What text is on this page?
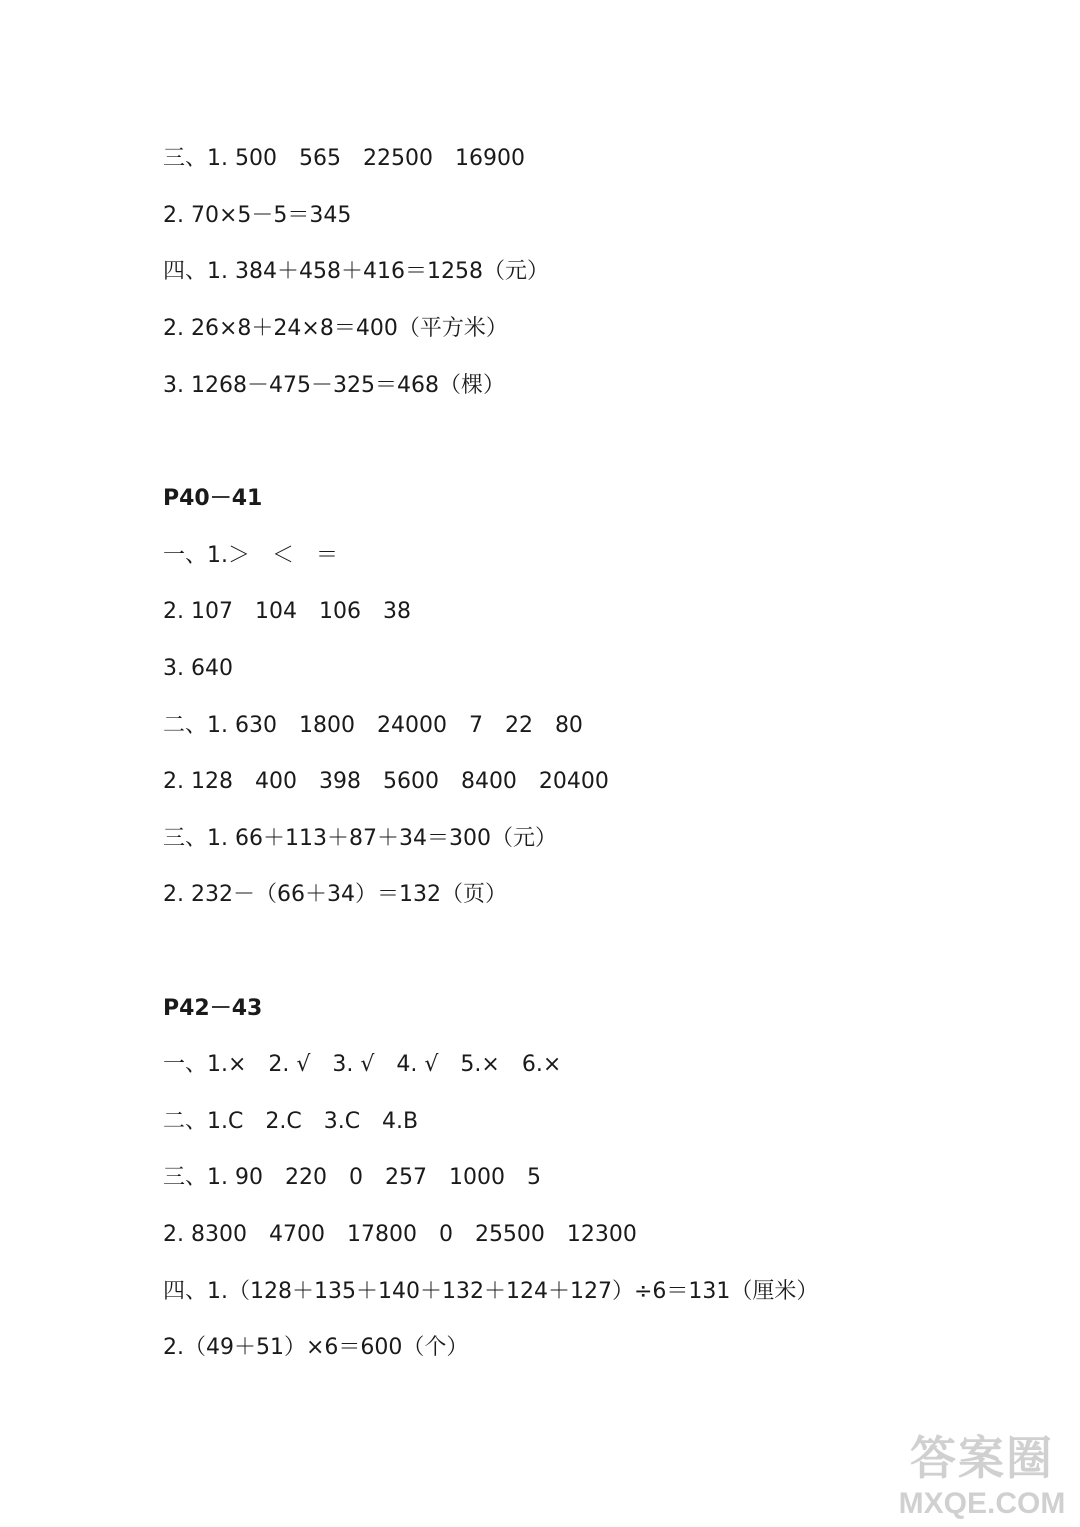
三、1. 500　565　22500　16900
2. 70×5－5＝345
四、1. 384＋458＋416＝1258（元）
2. 26×8＋24×8＝400（平方米）
3. 1268－475－325＝468（棵）
P40－41
一、1.＞　＜　＝
2. 107　104　106　38
3. 640
二、1. 630　1800　24000　7　22　80
2. 128　400　398　5600　8400　20400
三、1. 66＋113＋87＋34＝300（元）
2. 232－（66＋34）＝132（页）
P42－43
一、1.×　2. √　3. √　4. √　5.×　6.×
二、1.C　2.C　3.C　4.B
三、1. 90　220　0　257　1000　5
2. 8300　4700　17800　0　25500　12300
四、1.（128＋135＋140＋132＋124＋127）÷6＝131（厘米）
2.（49＋51）×6＝600（个）
答案圈
MXQE.COM
